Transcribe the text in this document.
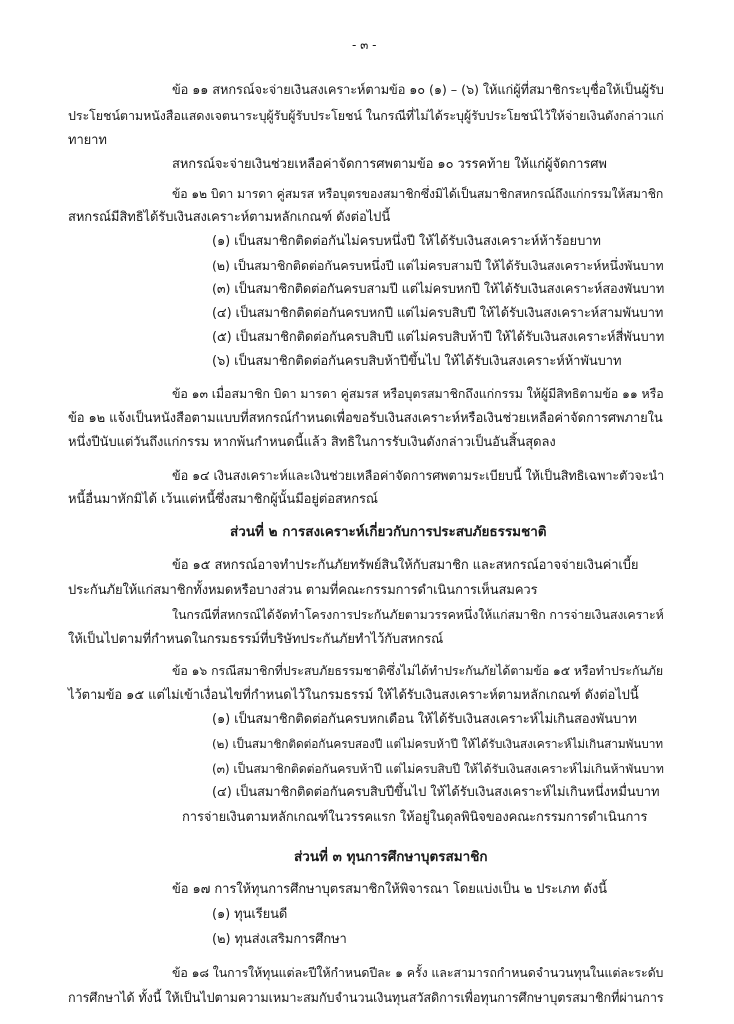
- ๓ -
ข้อ ๑๑ สหกรณ์จะจ่ายเงินสงเคราะห์ตามข้อ ๑๐ (๑) – (๖) ให้แก่ผู้ที่สมาชิกระบุชื่อให้เป็นผู้รับ
ประโยชน์ตามหนังสือแสดงเจตนาระบุผู้รับผู้รับประโยชน์ ในกรณีที่ไม่ได้ระบุผู้รับประโยชน์ไว้ให้จ่ายเงินดังกล่าวแก่
ทายาท
สหกรณ์จะจ่ายเงินช่วยเหลือค่าจัดการศพตามข้อ ๑๐ วรรคท้าย ให้แก่ผู้จัดการศพ
ข้อ ๑๒ บิดา มารดา คู่สมรส หรือบุตรของสมาชิกซึ่งมิได้เป็นสมาชิกสหกรณ์ถึงแก่กรรมให้สมาชิก
สหกรณ์มีสิทธิได้รับเงินสงเคราะห์ตามหลักเกณฑ์ ดังต่อไปนี้
(๑) เป็นสมาชิกติดต่อกันไม่ครบหนึ่งปี ให้ได้รับเงินสงเคราะห์ห้าร้อยบาท
(๒) เป็นสมาชิกติดต่อกันครบหนึ่งปี แต่ไม่ครบสามปี ให้ได้รับเงินสงเคราะห์หนึ่งพันบาท
(๓) เป็นสมาชิกติดต่อกันครบสามปี แต่ไม่ครบหกปี ให้ได้รับเงินสงเคราะห์สองพันบาท
(๔) เป็นสมาชิกติดต่อกันครบหกปี แต่ไม่ครบสิบปี ให้ได้รับเงินสงเคราะห์สามพันบาท
(๕) เป็นสมาชิกติดต่อกันครบสิบปี แต่ไม่ครบสิบห้าปี ให้ได้รับเงินสงเคราะห์สี่พันบาท
(๖) เป็นสมาชิกติดต่อกันครบสิบห้าปีขึ้นไป ให้ได้รับเงินสงเคราะห์ห้าพันบาท
ข้อ ๑๓ เมื่อสมาชิก บิดา มารดา คู่สมรส หรือบุตรสมาชิกถึงแก่กรรม ให้ผู้มีสิทธิตามข้อ ๑๑ หรือ
ข้อ ๑๒ แจ้งเป็นหนังสือตามแบบที่สหกรณ์กำหนดเพื่อขอรับเงินสงเคราะห์หรือเงินช่วยเหลือค่าจัดการศพภายใน
หนึ่งปีนับแต่วันถึงแก่กรรม หากพ้นกำหนดนี้แล้ว สิทธิในการรับเงินดังกล่าวเป็นอันสิ้นสุดลง
ข้อ ๑๔ เงินสงเคราะห์และเงินช่วยเหลือค่าจัดการศพตามระเบียบนี้ ให้เป็นสิทธิเฉพาะตัวจะนำ
หนี้อื่นมาหักมิได้ เว้นแต่หนี้ซึ่งสมาชิกผู้นั้นมีอยู่ต่อสหกรณ์
ส่วนที่ ๒ การสงเคราะห์เกี่ยวกับการประสบภัยธรรมชาติ
ข้อ ๑๕ สหกรณ์อาจทำประกันภัยทรัพย์สินให้กับสมาชิก และสหกรณ์อาจจ่ายเงินค่าเบี้ย
ประกันภัยให้แก่สมาชิกทั้งหมดหรือบางส่วน ตามที่คณะกรรมการดำเนินการเห็นสมควร
ในกรณีที่สหกรณ์ได้จัดทำโครงการประกันภัยตามวรรคหนึ่งให้แก่สมาชิก การจ่ายเงินสงเคราะห์
ให้เป็นไปตามที่กำหนดในกรมธรรม์ที่บริษัทประกันภัยทำไว้กับสหกรณ์
ข้อ ๑๖ กรณีสมาชิกที่ประสบภัยธรรมชาติซึ่งไม่ได้ทำประกันภัยได้ตามข้อ ๑๕ หรือทำประกันภัย
ไว้ตามข้อ ๑๕ แต่ไม่เข้าเงื่อนไขที่กำหนดไว้ในกรมธรรม์ ให้ได้รับเงินสงเคราะห์ตามหลักเกณฑ์ ดังต่อไปนี้
(๑) เป็นสมาชิกติดต่อกันครบหกเดือน ให้ได้รับเงินสงเคราะห์ไม่เกินสองพันบาท
(๒) เป็นสมาชิกติดต่อกันครบสองปี แต่ไม่ครบห้าปี ให้ได้รับเงินสงเคราะห์ไม่เกินสามพันบาท
(๓) เป็นสมาชิกติดต่อกันครบห้าปี แต่ไม่ครบสิบปี ให้ได้รับเงินสงเคราะห์ไม่เกินห้าพันบาท
(๔) เป็นสมาชิกติดต่อกันครบสิบปีขึ้นไป ให้ได้รับเงินสงเคราะห์ไม่เกินหนึ่งหมื่นบาท
การจ่ายเงินตามหลักเกณฑ์ในวรรคแรก ให้อยู่ในดุลพินิจของคณะกรรมการดำเนินการ
ส่วนที่ ๓ ทุนการศึกษาบุตรสมาชิก
ข้อ ๑๗ การให้ทุนการศึกษาบุตรสมาชิกให้พิจารณา โดยแบ่งเป็น ๒ ประเภท ดังนี้
(๑) ทุนเรียนดี
(๒) ทุนส่งเสริมการศึกษา
ข้อ ๑๘ ในการให้ทุนแต่ละปีให้กำหนดปีละ ๑ ครั้ง และสามารถกำหนดจำนวนทุนในแต่ละระดับ
การศึกษาได้ ทั้งนี้ ให้เป็นไปตามความเหมาะสมกับจำนวนเงินทุนสวัสดิการเพื่อทุนการศึกษาบุตรสมาชิกที่ผ่านการ
